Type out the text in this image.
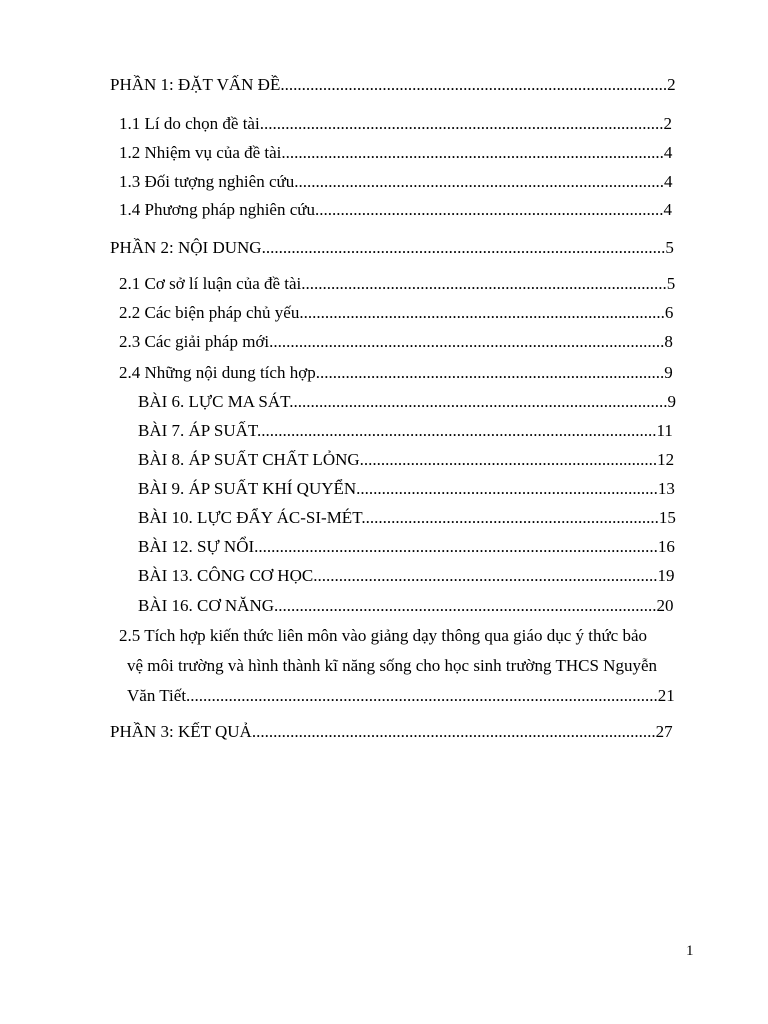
PHẦN 1: ĐẶT VẤN ĐỀ...........................................................................................2
1.1 Lí do chọn đề tài...............................................................................................2
1.2 Nhiệm vụ của đề tài..........................................................................................4
1.3 Đối tượng nghiên cứu.......................................................................................4
1.4 Phương pháp nghiên cứu..................................................................................4
PHẦN 2: NỘI DUNG...............................................................................................5
2.1 Cơ sở lí luận của đề tài......................................................................................5
2.2 Các biện pháp chủ yếu......................................................................................6
2.3 Các giải pháp mới.............................................................................................8
2.4 Những nội dung tích hợp..................................................................................9
BÀI 6. LỰC MA SÁT.........................................................................................9
BÀI 7. ÁP SUẤT..............................................................................................11
BÀI 8. ÁP SUẤT CHẤT LỎNG......................................................................12
BÀI 9. ÁP SUẤT KHÍ QUYỂN.......................................................................13
BÀI 10. LỰC ĐẨY ÁC-SI-MÉT......................................................................15
BÀI 12. SỰ NỔI...............................................................................................16
BÀI 13. CÔNG CƠ HỌC.................................................................................19
BÀI 16. CƠ NĂNG..........................................................................................20
2.5 Tích hợp kiến thức liên môn vào giảng dạy thông qua giáo dục ý thức bảo
vệ môi trường và hình thành kĩ năng sống cho học sinh trường THCS Nguyễn
Văn Tiết...............................................................................................................21
PHẦN 3: KẾT QUẢ...............................................................................................27
1
